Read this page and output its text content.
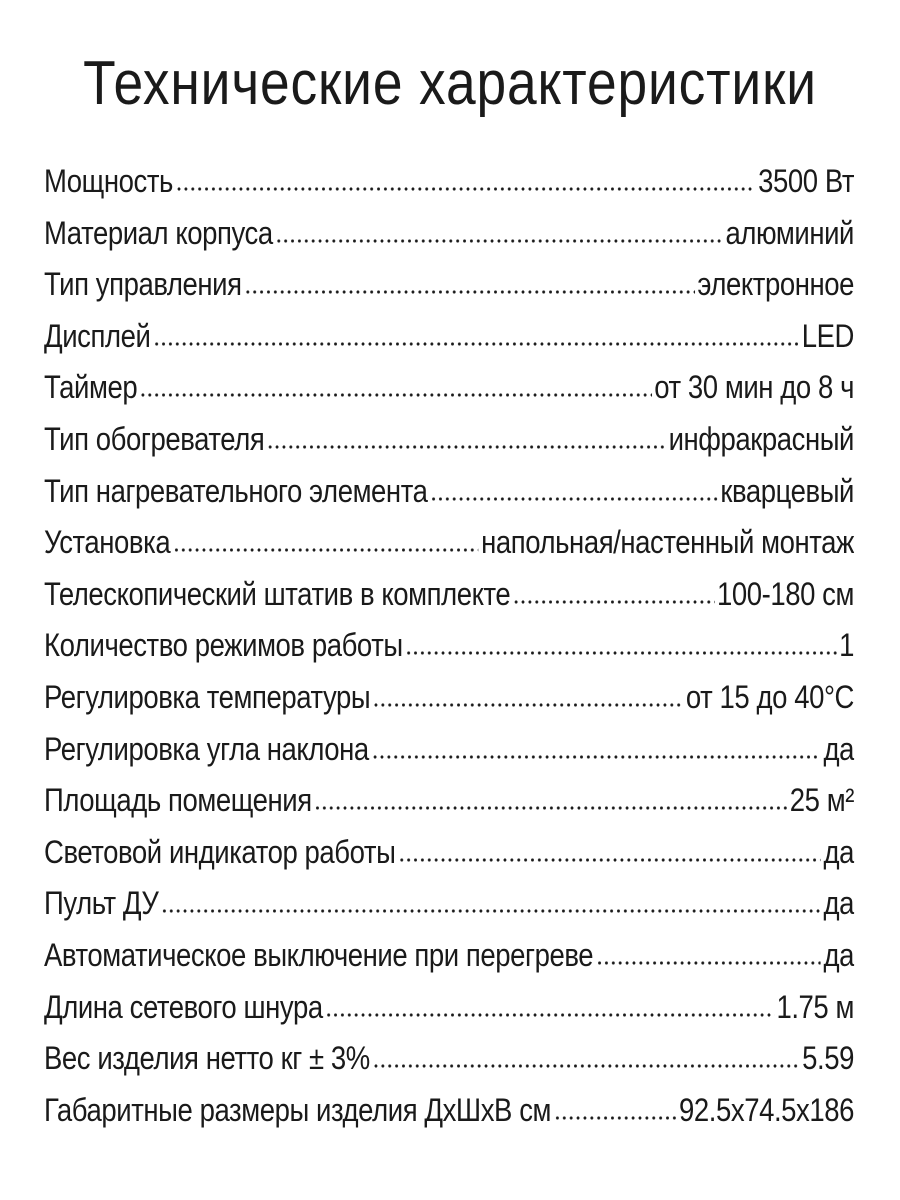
Технические характеристики
Мощность	3500 Вт
Материал корпуса	алюминий
Тип управления	электронное
Дисплей	LED
Таймер	от 30 мин до 8 ч
Тип обогревателя	инфракрасный
Тип нагревательного элемента	кварцевый
Установка	напольная/настенный монтаж
Телескопический штатив в комплекте	100-180 см
Количество режимов работы	1
Регулировка температуры	от 15 до 40°С
Регулировка угла наклона	да
Площадь помещения	25 м²
Световой индикатор работы	да
Пульт ДУ	да
Автоматическое выключение при перегреве	да
Длина сетевого шнура	1.75 м
Вес изделия нетто кг ± 3%	5.59
Габаритные размеры изделия ДхШхВ см	92.5х74.5х186
